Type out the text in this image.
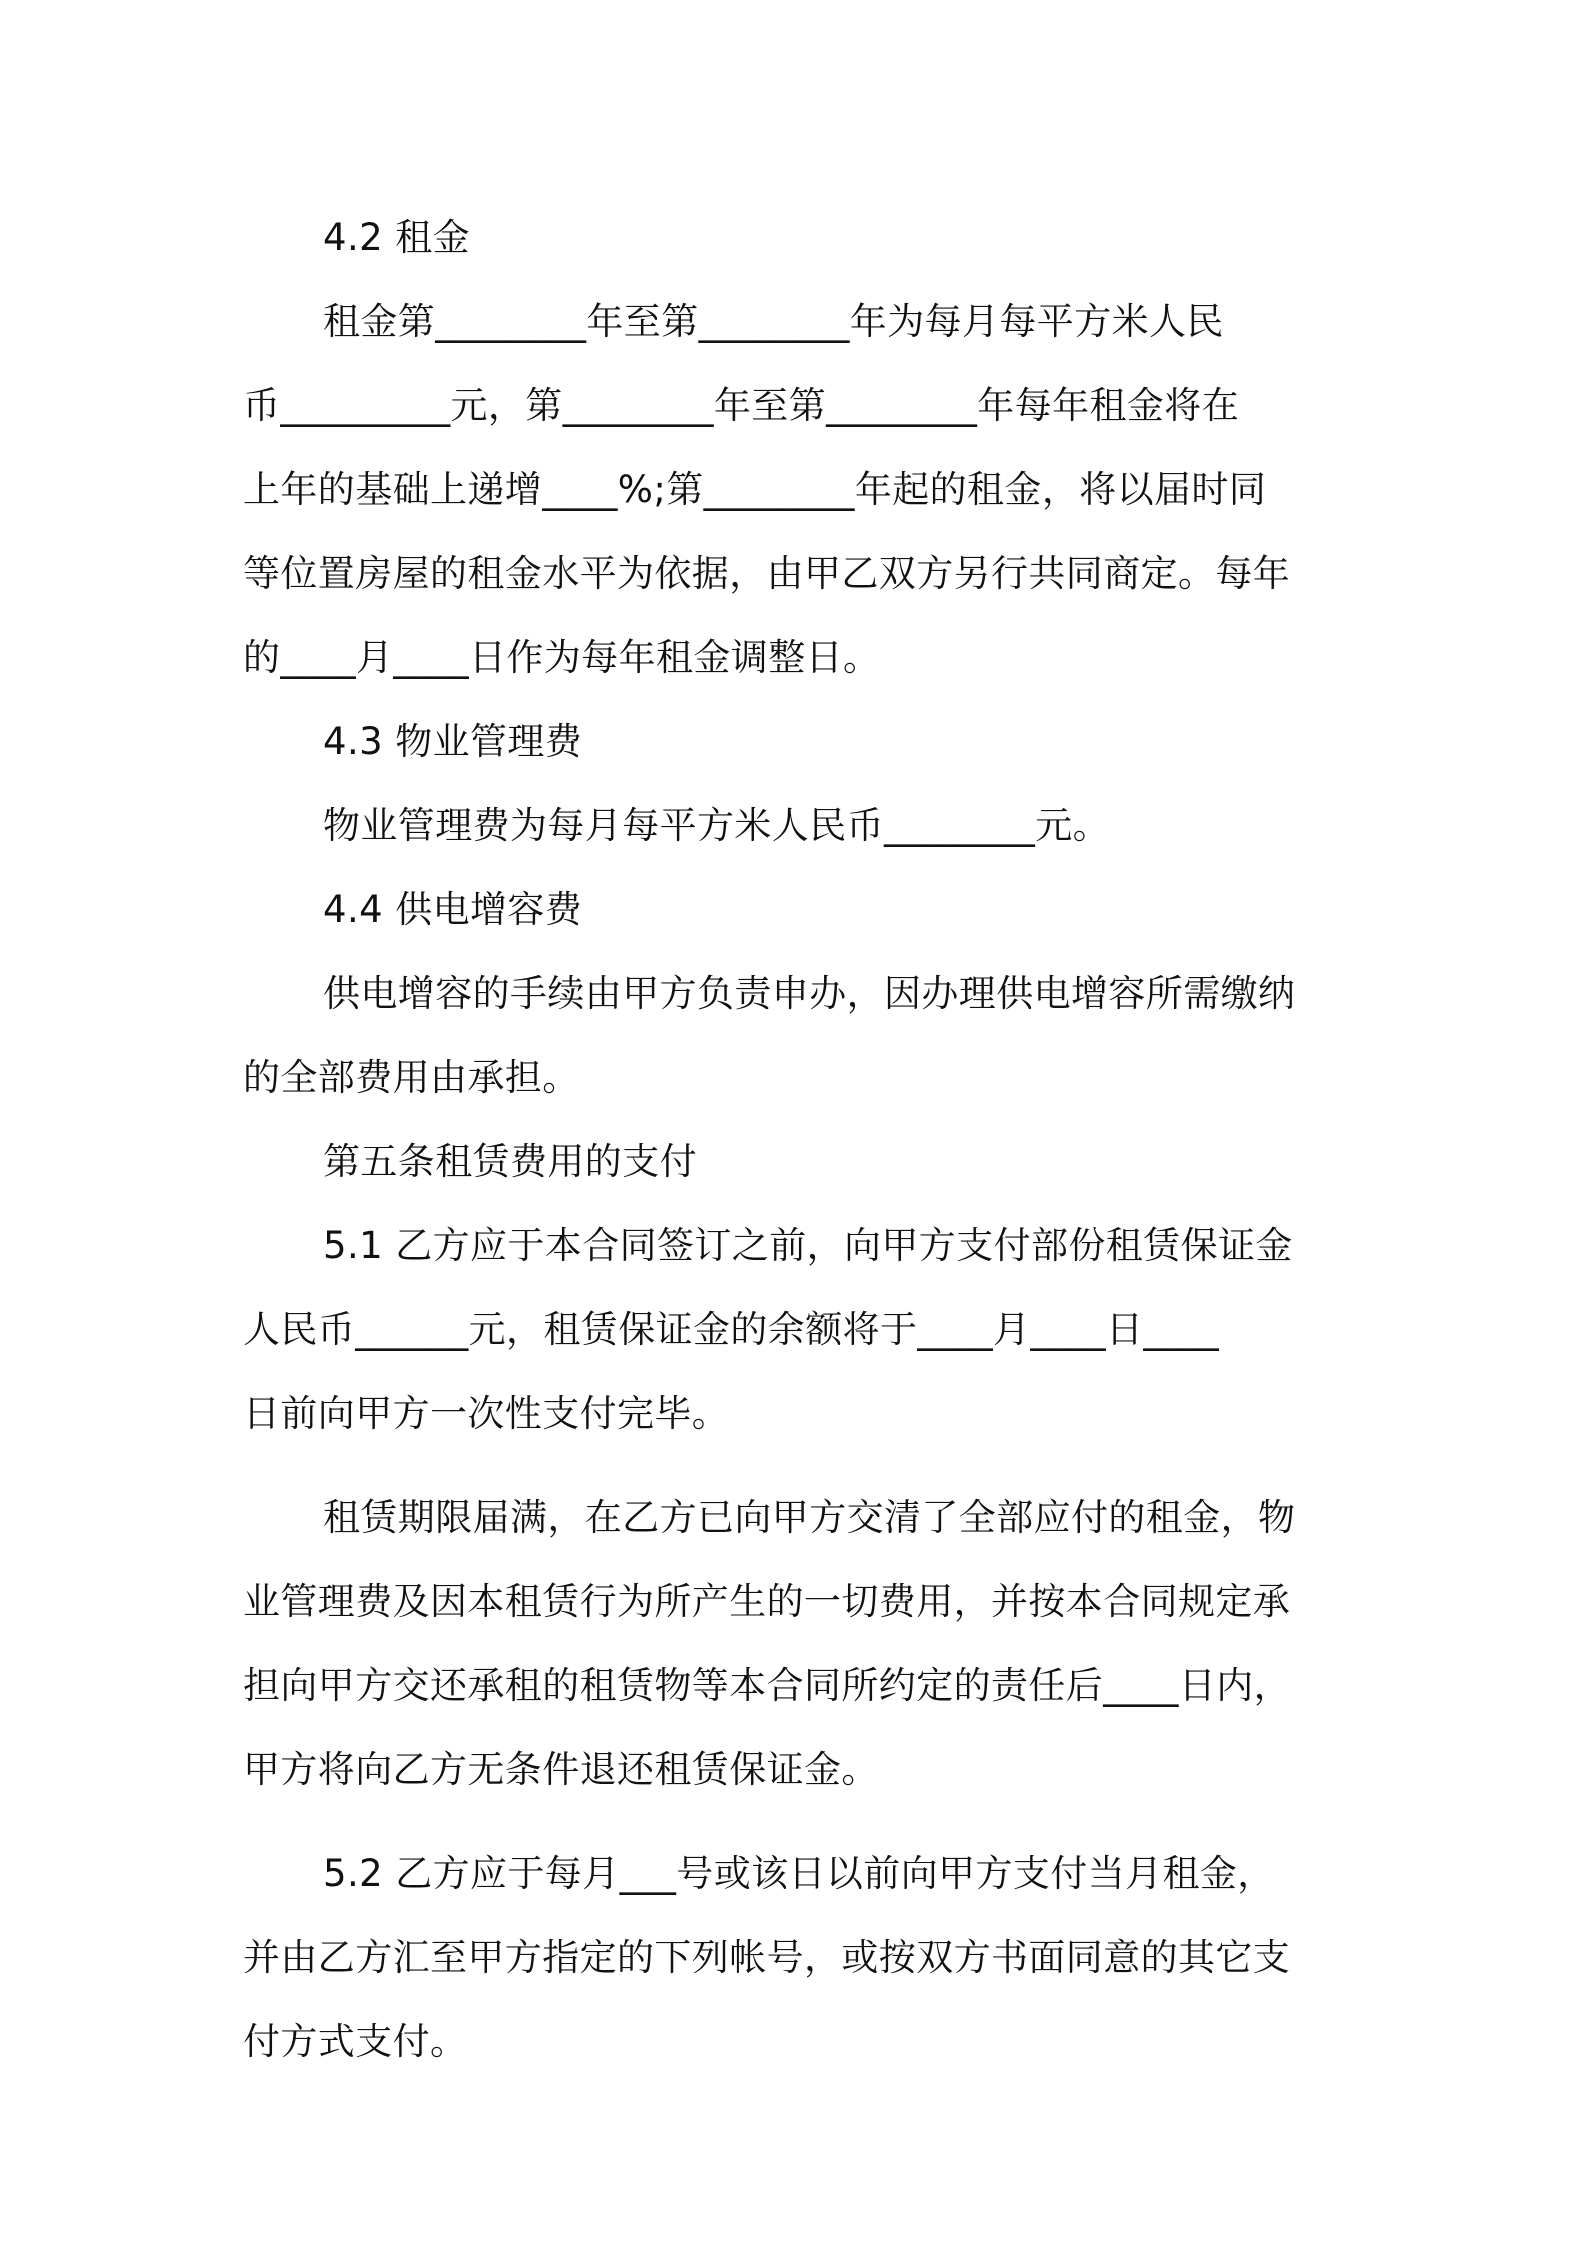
4.2 租金
租金第________年至第________年为每月每平方米人民
币_________元，第________年至第________年每年租金将在
上年的基础上递增____%;第________年起的租金，将以届时同
等位置房屋的租金水平为依据，由甲乙双方另行共同商定。每年
的____月____日作为每年租金调整日。
4.3 物业管理费
物业管理费为每月每平方米人民币________元。
4.4 供电增容费
供电增容的手续由甲方负责申办，因办理供电增容所需缴纳
的全部费用由承担。
第五条租赁费用的支付
5.1 乙方应于本合同签订之前，向甲方支付部份租赁保证金
人民币______元，租赁保证金的余额将于____月____日____
日前向甲方一次性支付完毕。
租赁期限届满，在乙方已向甲方交清了全部应付的租金，物
业管理费及因本租赁行为所产生的一切费用，并按本合同规定承
担向甲方交还承租的租赁物等本合同所约定的责任后____日内，
甲方将向乙方无条件退还租赁保证金。
5.2 乙方应于每月___号或该日以前向甲方支付当月租金，
并由乙方汇至甲方指定的下列帐号，或按双方书面同意的其它支
付方式支付。
